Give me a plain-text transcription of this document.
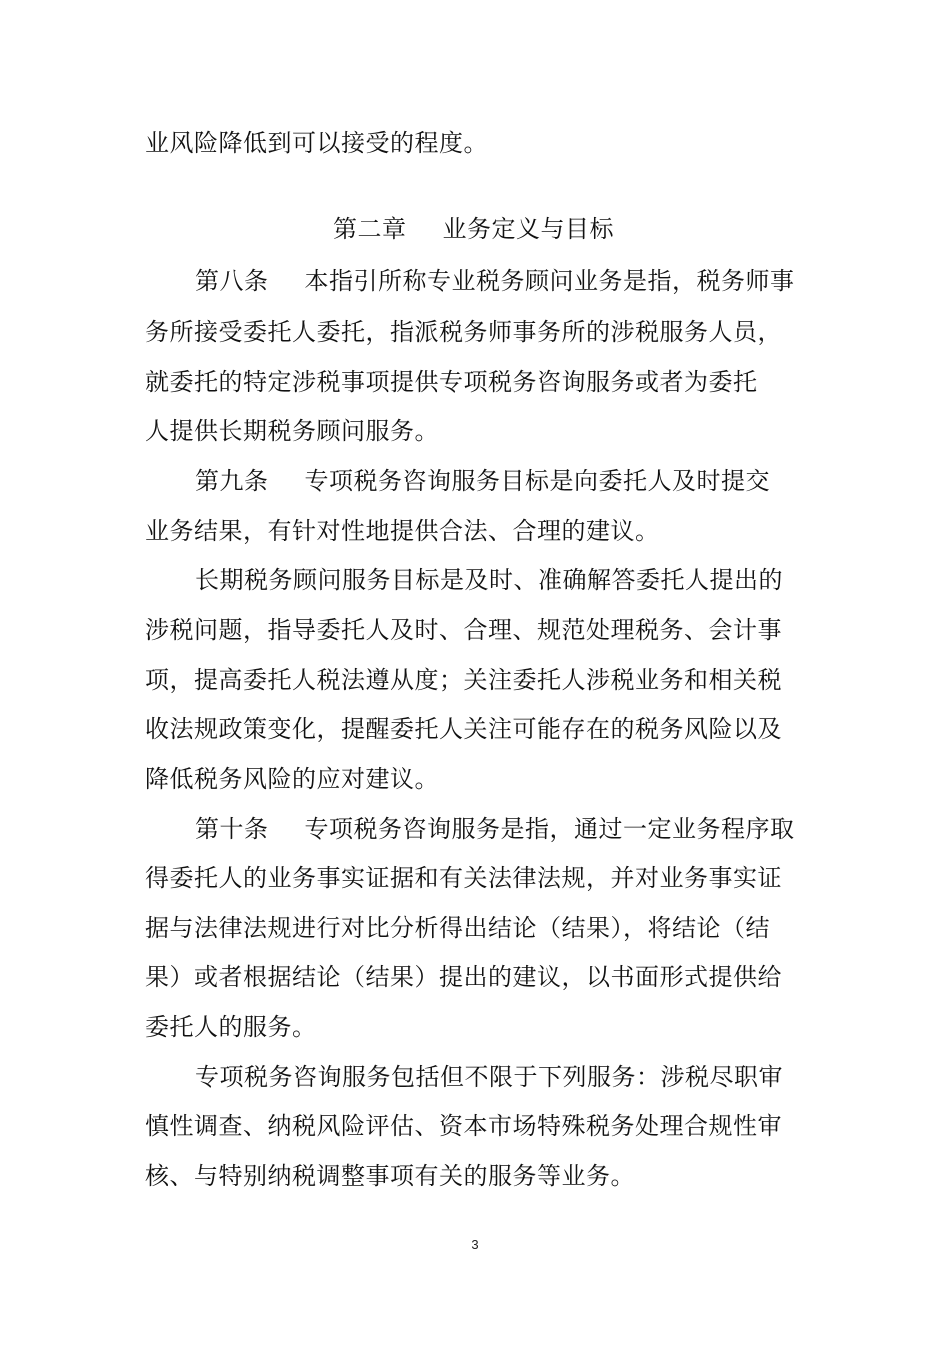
业风险降低到可以接受的程度。
第二章 业务定义与目标
第八条 本指引所称专业税务顾问业务是指，税务师事
务所接受委托人委托，指派税务师事务所的涉税服务人员，
就委托的特定涉税事项提供专项税务咨询服务或者为委托
人提供长期税务顾问服务。
第九条 专项税务咨询服务目标是向委托人及时提交
业务结果，有针对性地提供合法、合理的建议。
长期税务顾问服务目标是及时、准确解答委托人提出的
涉税问题，指导委托人及时、合理、规范处理税务、会计事
项，提高委托人税法遵从度；关注委托人涉税业务和相关税
收法规政策变化，提醒委托人关注可能存在的税务风险以及
降低税务风险的应对建议。
第十条 专项税务咨询服务是指，通过一定业务程序取
得委托人的业务事实证据和有关法律法规，并对业务事实证
据与法律法规进行对比分析得出结论（结果），将结论（结
果）或者根据结论（结果）提出的建议，以书面形式提供给
委托人的服务。
专项税务咨询服务包括但不限于下列服务：涉税尽职审
慎性调查、纳税风险评估、资本市场特殊税务处理合规性审
核、与特别纳税调整事项有关的服务等业务。
3
